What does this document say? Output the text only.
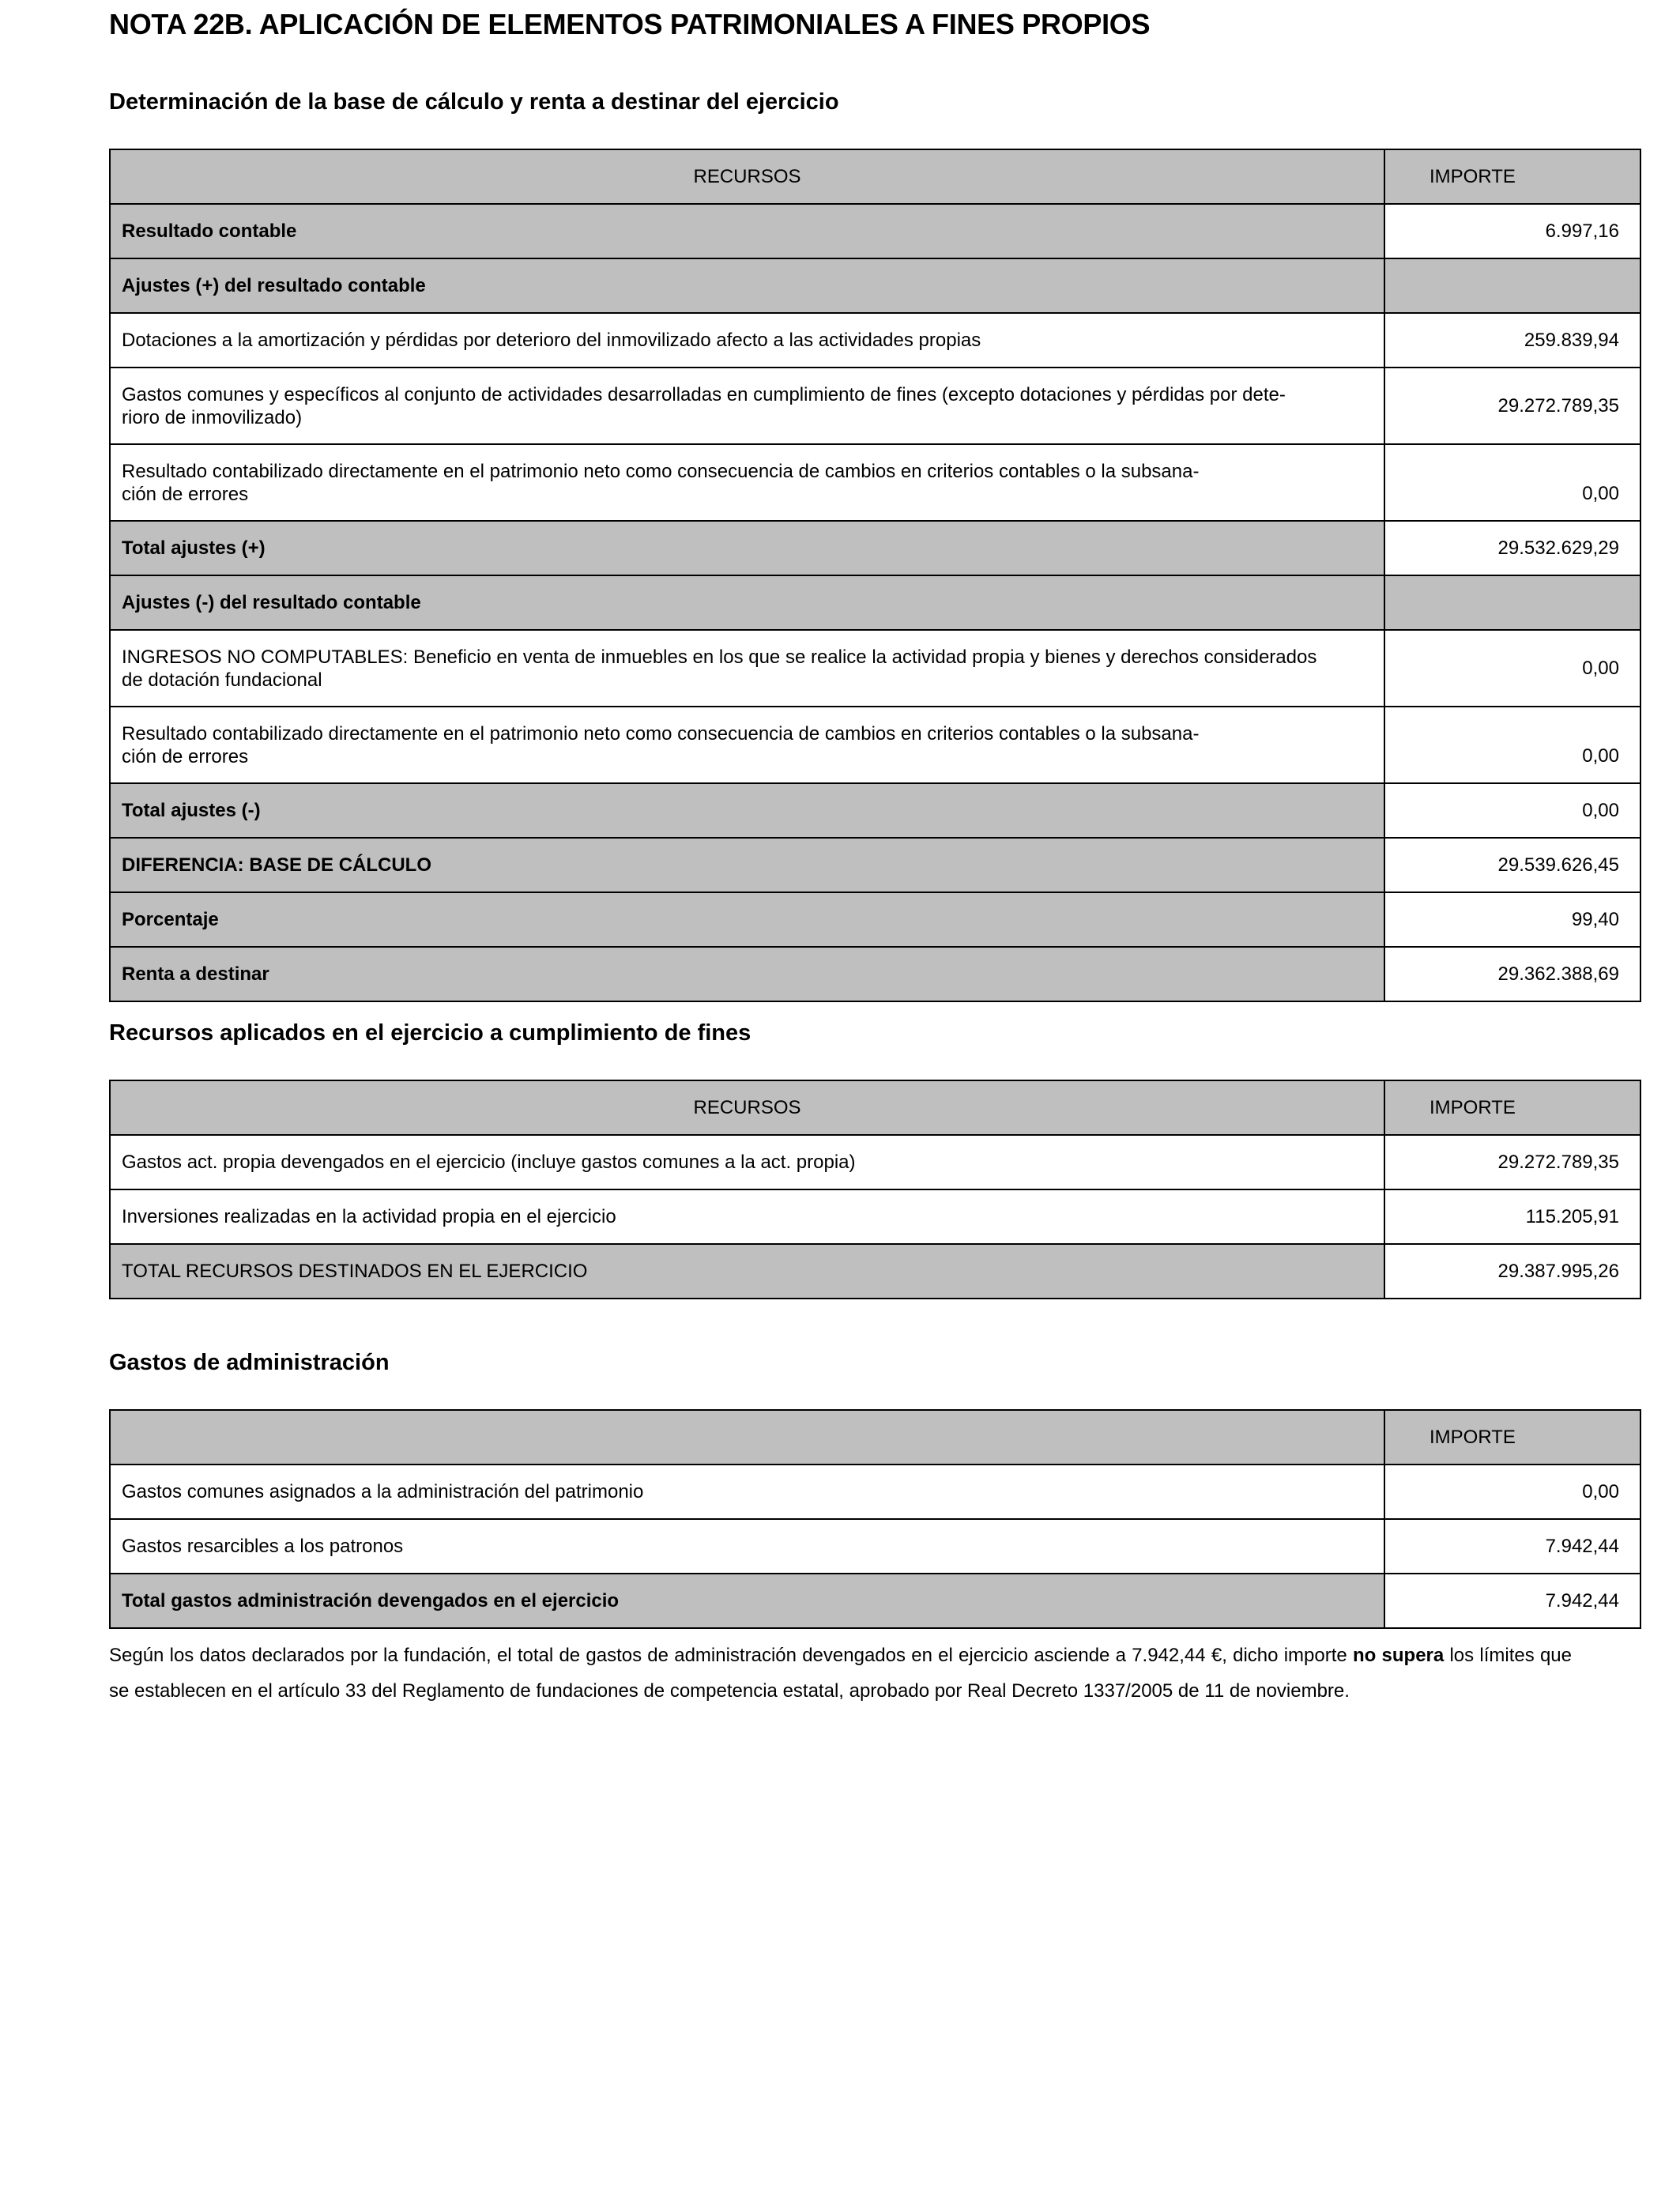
NOTA 22B. APLICACIÓN DE ELEMENTOS PATRIMONIALES A FINES PROPIOS
Determinación de la base de cálculo y renta a destinar del ejercicio
RECURSOS	IMPORTE
Resultado contable	6.997,16
Ajustes (+) del resultado contable	
Dotaciones a la amortización y pérdidas por deterioro del inmovilizado afecto a las actividades propias	259.839,94
Gastos comunes y específicos al conjunto de actividades desarrolladas en cumplimiento de fines (excepto dotaciones y pérdidas por dete-
rioro de inmovilizado)	29.272.789,35
Resultado contabilizado directamente en el patrimonio neto como consecuencia de cambios en criterios contables o la subsana-
ción de errores	0,00
Total ajustes (+)	29.532.629,29
Ajustes (-) del resultado contable	
INGRESOS NO COMPUTABLES: Beneficio en venta de inmuebles en los que se realice la actividad propia y bienes y derechos considerados
de dotación fundacional	0,00
Resultado contabilizado directamente en el patrimonio neto como consecuencia de cambios en criterios contables o la subsana-
ción de errores	0,00
Total ajustes (-)	0,00
DIFERENCIA: BASE DE CÁLCULO	29.539.626,45
Porcentaje	99,40
Renta a destinar	29.362.388,69
Recursos aplicados en el ejercicio a cumplimiento de fines
RECURSOS	IMPORTE
Gastos act. propia devengados en el ejercicio (incluye gastos comunes a la act. propia)	29.272.789,35
Inversiones realizadas en la actividad propia en el ejercicio	115.205,91
TOTAL RECURSOS DESTINADOS EN EL EJERCICIO	29.387.995,26
Gastos de administración
	IMPORTE
Gastos comunes asignados a la administración del patrimonio	0,00
Gastos resarcibles a los patronos	7.942,44
Total gastos administración devengados en el ejercicio	7.942,44

Según los datos declarados por la fundación, el total de gastos de administración devengados en el ejercicio asciende a 7.942,44 €, dicho importe no supera los límites que se establecen en el artículo 33 del Reglamento de fundaciones de competencia estatal, aprobado por Real Decreto 1337/2005 de 11 de noviembre.
